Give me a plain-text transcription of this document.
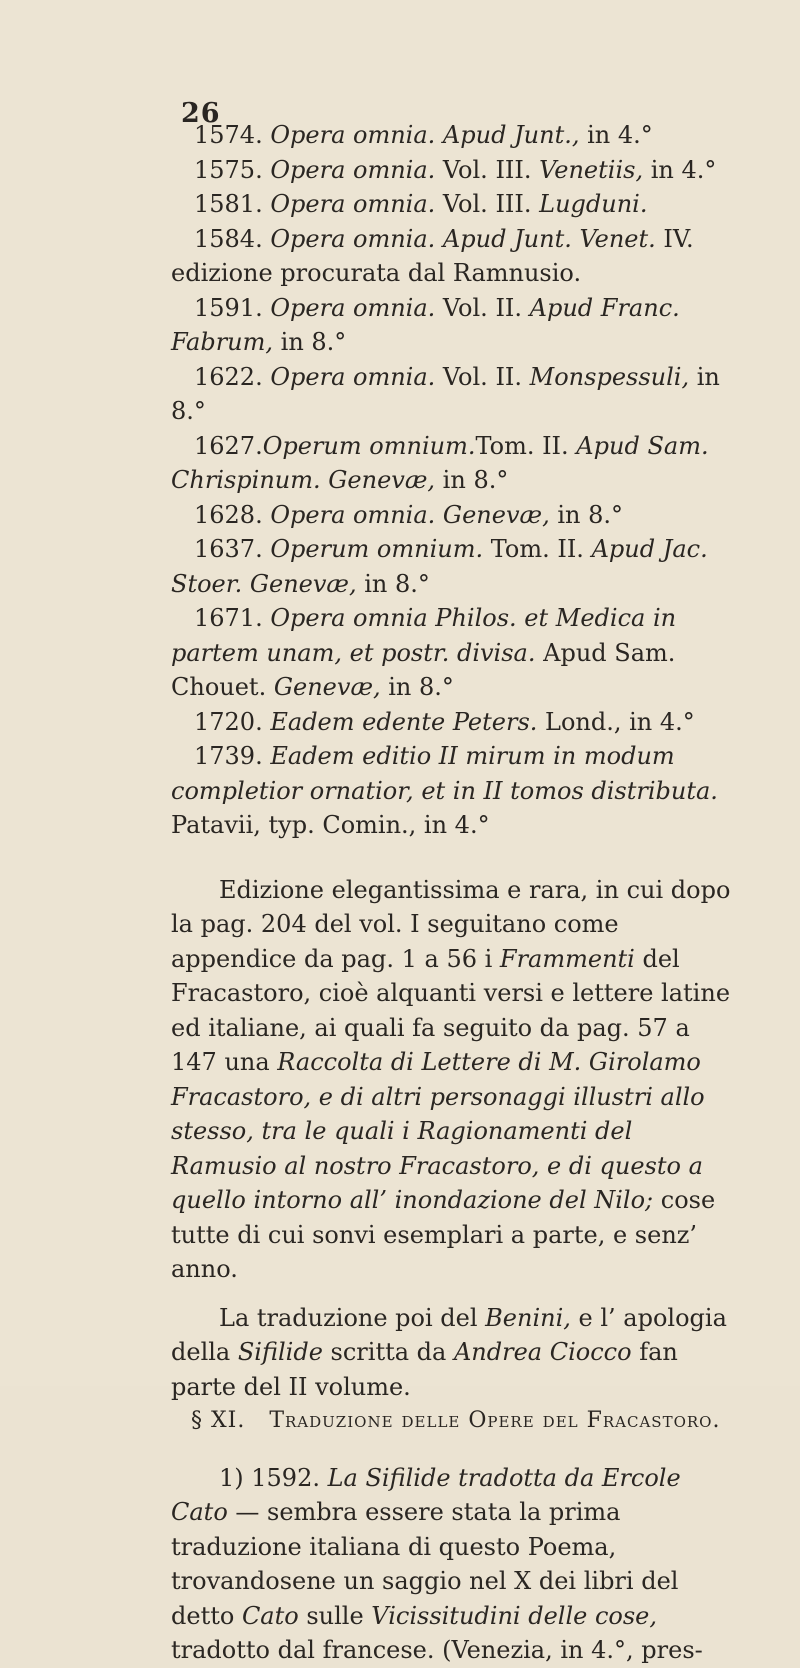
26

1574. Opera omnia. Apud Junt., in 4.°

1575. Opera omnia. Vol. III. Venetiis, in 4.°

1581. Opera omnia. Vol. III. Lugduni.

1584. Opera omnia. Apud Junt. Venet. IV. edizione procurata dal Ramnusio.

1591. Opera omnia. Vol. II. Apud Franc. Fabrum, in 8.°

1622. Opera omnia. Vol. II. Monspessuli, in 8.°

1627.Operum omnium.Tom. II. Apud Sam. Chrispinum. Genevæ, in 8.°

1628. Opera omnia. Genevæ, in 8.°

1637. Operum omnium. Tom. II. Apud Jac. Stoer. Genevæ, in 8.°

1671. Opera omnia Philos. et Medica in partem unam, et postr. divisa. Apud Sam. Chouet. Genevæ, in 8.°

1720. Eadem edente Peters. Lond., in 4.°

1739. Eadem editio II mirum in modum completior ornatior, et in II tomos distributa. Patavii, typ. Comin., in 4.°

Edizione elegantissima e rara, in cui dopo la pag. 204 del vol. I seguitano come appendice da pag. 1 a 56 i Frammenti del Fracastoro, cioè alquanti versi e lettere latine ed italiane, ai quali fa seguito da pag. 57 a 147 una Raccolta di Lettere di M. Girolamo Fracastoro, e di altri personaggi illustri allo stesso, tra le quali i Ragionamenti del Ramusio al nostro Fracastoro, e di questo a quello intorno all’ inondazione del Nilo; cose tutte di cui sonvi esemplari a parte, e senz’ anno.

La traduzione poi del Benini, e l’ apologia della Sifilide scritta da Andrea Ciocco fan parte del II volume.

§ XI. Traduzione delle Opere del Fracastoro.

1) 1592. La Sifilide tradotta da Ercole Cato — sembra essere stata la prima traduzione italiana di questo Poema, trovandosene un saggio nel X dei libri del detto Cato sulle Vicissitudini delle cose, tradotto dal francese. (Venezia, in 4.°, pres-
